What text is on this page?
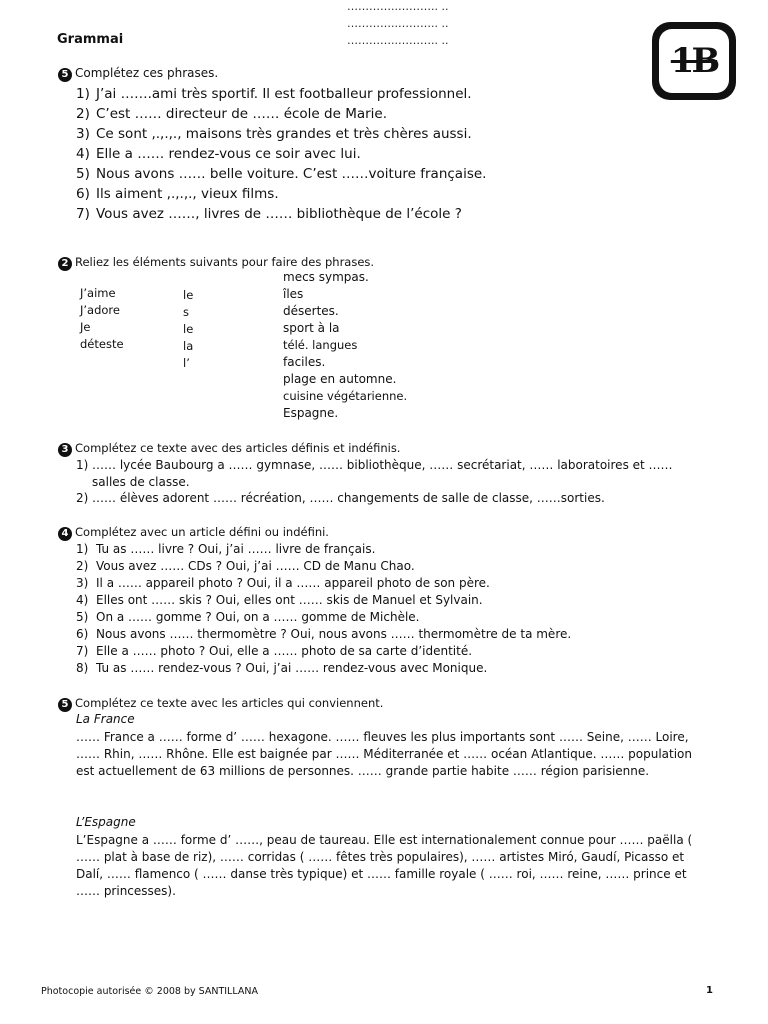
…………..……….. ..
…………..……….. ..
…………..……….. ..
Grammai
1B
5 Complétez ces phrases.
1) J’ai …….ami très sportif. Il est footballeur professionnel.
2) C’est …… directeur de …… école de Marie.
3) Ce sont ,.,.,., maisons très grandes et très chères aussi.
4) Elle a …… rendez-vous ce soir avec lui.
5) Nous avons …… belle voiture. C’est ……voiture française.
6) Ils aiment ,.,.,., vieux films.
7) Vous avez ……, livres de …… bibliothèque de l’école ?
2 Reliez les éléments suivants pour faire des phrases.
J’aime
J’adore
Je
déteste
le
s
le
la
l’
mecs sympas.
îles
désertes.
sport à la
télé. langues
faciles.
plage en automne.
cuisine végétarienne.
Espagne.
3 Complétez ce texte avec des articles définis et indéfinis.
1) …… lycée Baubourg a …… gymnase, …… bibliothèque, …… secrétariat, …… laboratoires et ……
salles de classe.
2) …… élèves adorent …… récréation, …… changements de salle de classe, ……sorties.
4 Complétez avec un article défini ou indéfini.
1) Tu as …… livre ? Oui, j’ai …… livre de français.
2) Vous avez …… CDs ? Oui, j’ai …… CD de Manu Chao.
3) Il a …… appareil photo ? Oui, il a …… appareil photo de son père.
4) Elles ont …… skis ? Oui, elles ont …… skis de Manuel et Sylvain.
5) On a …… gomme ? Oui, on a …… gomme de Michèle.
6) Nous avons …… thermomètre ? Oui, nous avons …… thermomètre de ta mère.
7) Elle a …… photo ? Oui, elle a …… photo de sa carte d’identité.
8) Tu as …… rendez-vous ? Oui, j’ai …… rendez-vous avec Monique.
5 Complétez ce texte avec les articles qui conviennent.
La France
…… France a …… forme d’ …… hexagone. …… fleuves les plus importants sont …… Seine, …… Loire, …… Rhin, …… Rhône. Elle est baignée par …… Méditerranée et …… océan Atlantique. …… population est actuellement de 63 millions de personnes. …… grande partie habite …… région parisienne.
L’Espagne
L’Espagne a …… forme d’ ……, peau de taureau. Elle est internationalement connue pour …… paëlla ( …… plat à base de riz), …… corridas ( …… fêtes très populaires), …… artistes Miró, Gaudí, Picasso et Dalí, …… flamenco ( …… danse très typique) et …… famille royale ( …… roi, …… reine, …… prince et …… princesses).
Photocopie autorisée © 2008 by SANTILLANA	1
